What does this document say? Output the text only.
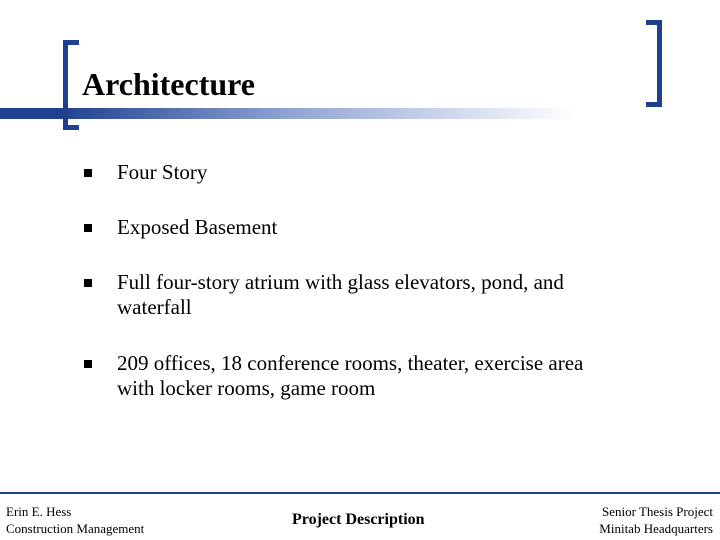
Architecture
Four Story
Exposed Basement
Full four-story atrium with glass elevators, pond, and
waterfall
209 offices, 18 conference rooms, theater, exercise area
with locker rooms, game room
Erin E. Hess
Construction Management
Project Description	Senior Thesis Project
Minitab Headquarters
